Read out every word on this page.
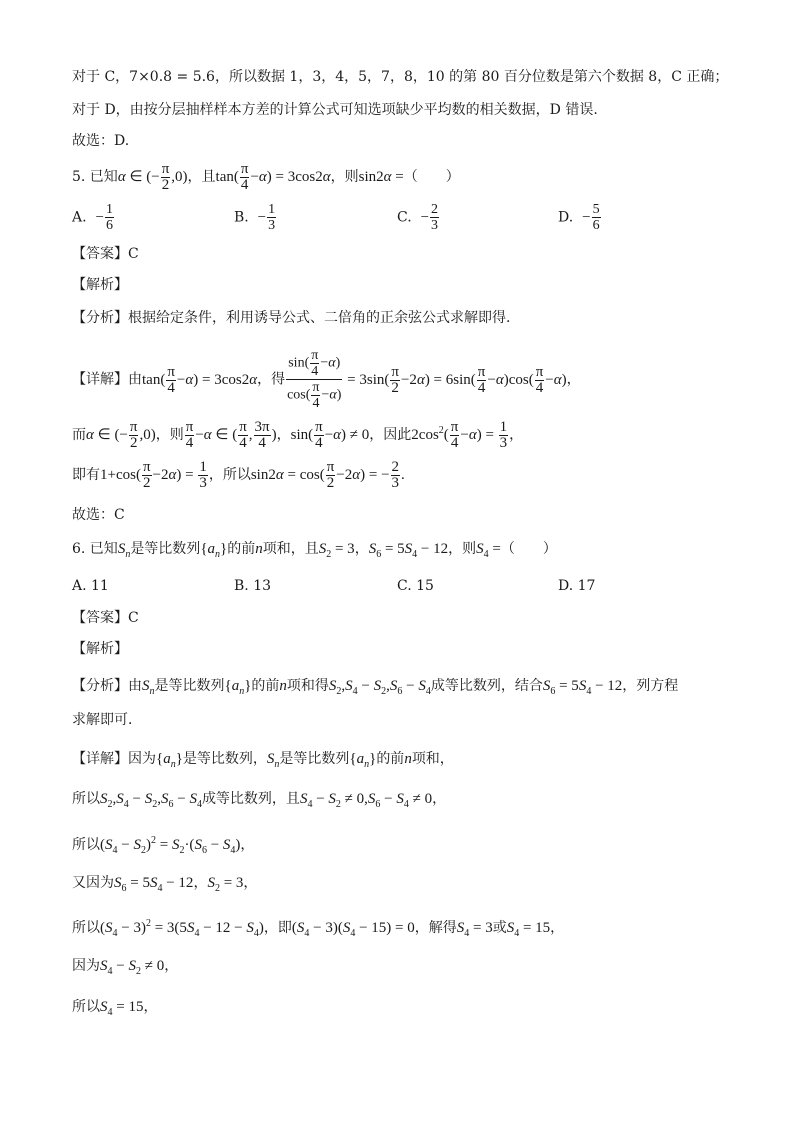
对于 C，7×0.8 = 5.6，所以数据 1，3，4，5，7，8，10 的第 80 百分位数是第六个数据 8，C 正确；
对于 D，由按分层抽样样本方差的计算公式可知选项缺少平均数的相关数据，D 错误.
故选：D.
5. 已知α ∈ (− $\frac{\pi}{2} ,0$)，且$\tan( \frac{\pi}{4} -\alpha) = 3\cos 2\alpha$，则sin2α =（　　）
A. − $\frac{1}{6}$	B. − $\frac{1}{3}$	C. − $\frac{2}{3}$	D. − $\frac{5}{6}$
【答案】C
【解析】
【分析】根据给定条件，利用诱导公式、二倍角的正余弦公式求解即得.
【详解】由$\tan( \frac{\pi}{4} -\alpha) = 3\cos 2\alpha$，得 $\frac{\sin( \frac{\pi}{4} -\alpha)}{\cos( \frac{\pi}{4} -\alpha)} = 3\sin( \frac{\pi}{2} -2\alpha) = 6\sin( \frac{\pi}{4} -\alpha)\cos( \frac{\pi}{4} -\alpha)$，
而α ∈ (− $\frac{\pi}{2} ,0$)，则 $\frac{\pi}{4} -\alpha$ ∈ ( $\frac{\pi}{4}$ , $\frac{3\pi}{4}$ )，$\sin( \frac{\pi}{4} -\alpha) \ne 0$，因此$2\cos^2( \frac{\pi}{4} -\alpha) = \frac{1}{3}$ ，
即有$1+\cos( \frac{\pi}{2} -2\alpha) = \frac{1}{3}$ ，所以$\sin 2\alpha = \cos( \frac{\pi}{2} -2\alpha)$ = − $\frac{2}{3}$ .
故选：C
6. 已知$S_n$是等比数列$\{a_n\}$的前n项和，且$S_2 = 3$，$S_6 = 5S_4 - 12$，则$S_4$ =（　　）
A. 11	B. 13	C. 15	D. 17
【答案】C
【解析】
【分析】由$S_n$是等比数列$\{a_n\}$的前n项和得$S_2,S_4 - S_2,S_6 - S_4$成等比数列，结合$S_6 = 5S_4 - 12$，列方程
求解即可．
【详解】因为$\{a_n\}$是等比数列，$S_n$是等比数列$\{a_n\}$的前n项和，
所以$S_2,S_4 - S_2,S_6 - S_4$成等比数列，且$S_4 - S_2 \ne 0,S_6 - S_4 \ne 0$，
所以$(S_4 - S_2)^2 = S_2\cdot(S_6 - S_4)$，
又因为$S_6 = 5S_4 - 12$，$S_2 = 3$，
所以$(S_4 - 3)^2 = 3(5S_4 - 12 - S_4)$，即$(S_4 - 3)(S_4 - 15) = 0$，解得$S_4 = 3$或$S_4 = 15$，
因为$S_4 - S_2 \ne 0$，
所以$S_4 = 15$，
